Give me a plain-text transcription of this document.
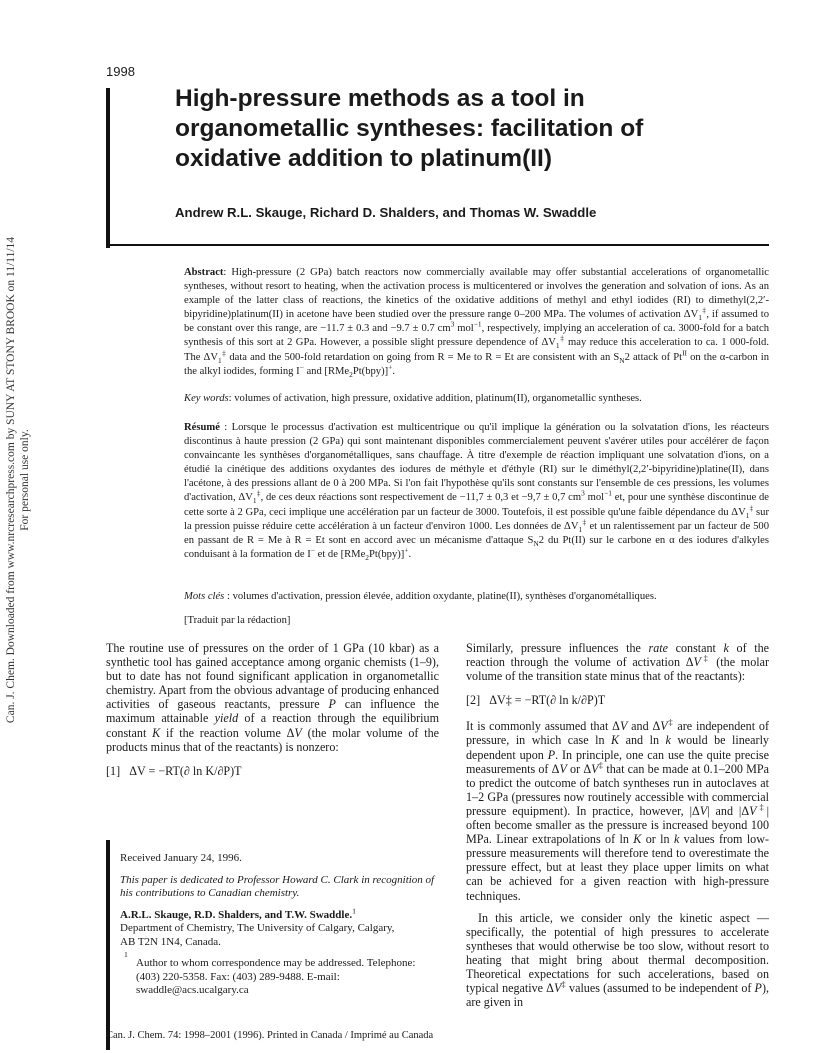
Can. J. Chem. Downloaded from www.nrcresearchpress.com by SUNY AT STONY BROOK on 11/11/14 For personal use only.
1998
High-pressure methods as a tool in organometallic syntheses: facilitation of oxidative addition to platinum(II)
Andrew R.L. Skauge, Richard D. Shalders, and Thomas W. Swaddle

Abstract: High-pressure (2 GPa) batch reactors now commercially available may offer substantial accelerations of organometallic syntheses, without resort to heating, when the activation process is multicentered or involves the generation and solvation of ions. As an example of the latter class of reactions, the kinetics of the oxidative additions of methyl and ethyl iodides (RI) to dimethyl(2,2′-bipyridine)platinum(II) in acetone have been studied over the pressure range 0–200 MPa. The volumes of activation $\Delta V_1^\ddagger$, if assumed to be constant over this range, are −11.7 ± 0.3 and −9.7 ± 0.7 $cm^3$ mol$^{-1}$, respectively, implying an acceleration of ca. 3000-fold for a batch synthesis of this sort at 2 GPa. However, a possible slight pressure dependence of $\Delta V_1^\ddagger$ may reduce this acceleration to ca. 1 000-fold. The $\Delta V_1^\ddagger$ data and the 500-fold retardation on going from R = Me to R = Et are consistent with an $S_N2$ attack of $Pt^{II}$ on the α-carbon in the alkyl iodides, forming I− and [RMe$_2$Pt(bpy)]+.

Key words: volumes of activation, high pressure, oxidative addition, platinum(II), organometallic syntheses.

Résumé : Lorsque le processus d'activation est multicentrique ou qu'il implique la génération ou la solvatation d'ions, les réacteurs discontinus à haute pression (2 GPa) qui sont maintenant disponibles commercialement peuvent s'avérer utiles pour accélérer de façon convaincante les synthèses d'organométalliques, sans chauffage. À titre d'exemple de réaction impliquant une solvatation d'ions, on a étudié la cinétique des additions oxydantes des iodures de méthyle et d'éthyle (RI) sur le diméthyl(2,2′-bipyridine)platine(II), dans l'acétone, à des pressions allant de 0 à 200 MPa. Si l'on fait l'hypothèse qu'ils sont constants sur l'ensemble de ces pressions, les volumes d'activation, $\Delta V_1^\ddagger$, de ces deux réactions sont respectivement de −11,7 ± 0,3 et −9,7 ± 0,7 $cm^3$ mol$^{-1}$ et, pour une synthèse discontinue de cette sorte à 2 GPa, ceci implique une accélération par un facteur de 3000. Toutefois, il est possible qu'une faible dépendance du $\Delta V_1^\ddagger$ sur la pression puisse réduire cette accélération à un facteur d'environ 1000. Les données de $\Delta V_1^\ddagger$ et un ralentissement par un facteur de 500 en passant de R = Me à R = Et sont en accord avec un mécanisme d'attaque $S_N2$ du Pt(II) sur le carbone en α des iodures d'alkyles conduisant à la formation de I− et de [RMe$_2$Pt(bpy)]+.

Mots clés : volumes d'activation, pression élevée, addition oxydante, platine(II), synthèses d'organométalliques.

[Traduit par la rédaction]

The routine use of pressures on the order of 1 GPa (10 kbar) as a synthetic tool has gained acceptance among organic chemists (1–9), but to date has not found significant application in organometallic chemistry. Apart from the obvious advantage of producing enhanced activities of gaseous reactants, pressure P can influence the maximum attainable yield of a reaction through the equilibrium constant K if the reaction volume ΔV (the molar volume of the products minus that of the reactants) is nonzero:

[1] ΔV = −RT(∂ ln K/∂P)T

Similarly, pressure influences the rate constant k of the reaction through the volume of activation ΔV‡ (the molar volume of the transition state minus that of the reactants):

[2] ΔV‡ = −RT(∂ ln k/∂P)T

It is commonly assumed that ΔV and ΔV‡ are independent of pressure, in which case ln K and ln k would be linearly dependent upon P. In principle, one can use the quite precise measurements of ΔV or ΔV‡ that can be made at 0.1–200 MPa to predict the outcome of batch syntheses run in autoclaves at 1–2 GPa (pressures now routinely accessible with commercial pressure equipment). In practice, however, |ΔV| and |ΔV‡| often become smaller as the pressure is increased beyond 100 MPa. Linear extrapolations of ln K or ln k values from low-pressure measurements will therefore tend to overestimate the pressure effect, but at least they place upper limits on what can be achieved for a given reaction with high-pressure techniques.

In this article, we consider only the kinetic aspect — specifically, the potential of high pressures to accelerate syntheses that would otherwise be too slow, without resort to heating that might bring about thermal decomposition. Theoretical expectations for such accelerations, based on typical negative ΔV‡ values (assumed to be independent of P), are given in

Received January 24, 1996.

This paper is dedicated to Professor Howard C. Clark in recognition of his contributions to Canadian chemistry.

A.R.L. Skauge, R.D. Shalders, and T.W. Swaddle.$^1$

Department of Chemistry, The University of Calgary, Calgary,

AB T2N 1N4, Canada.

1
Author to whom correspondence may be addressed. Telephone: (403) 220-5358. Fax: (403) 289-9488. E-mail: swaddle@acs.ucalgary.ca

Can. J. Chem. 74: 1998–2001 (1996). Printed in Canada / Imprimé au Canada
